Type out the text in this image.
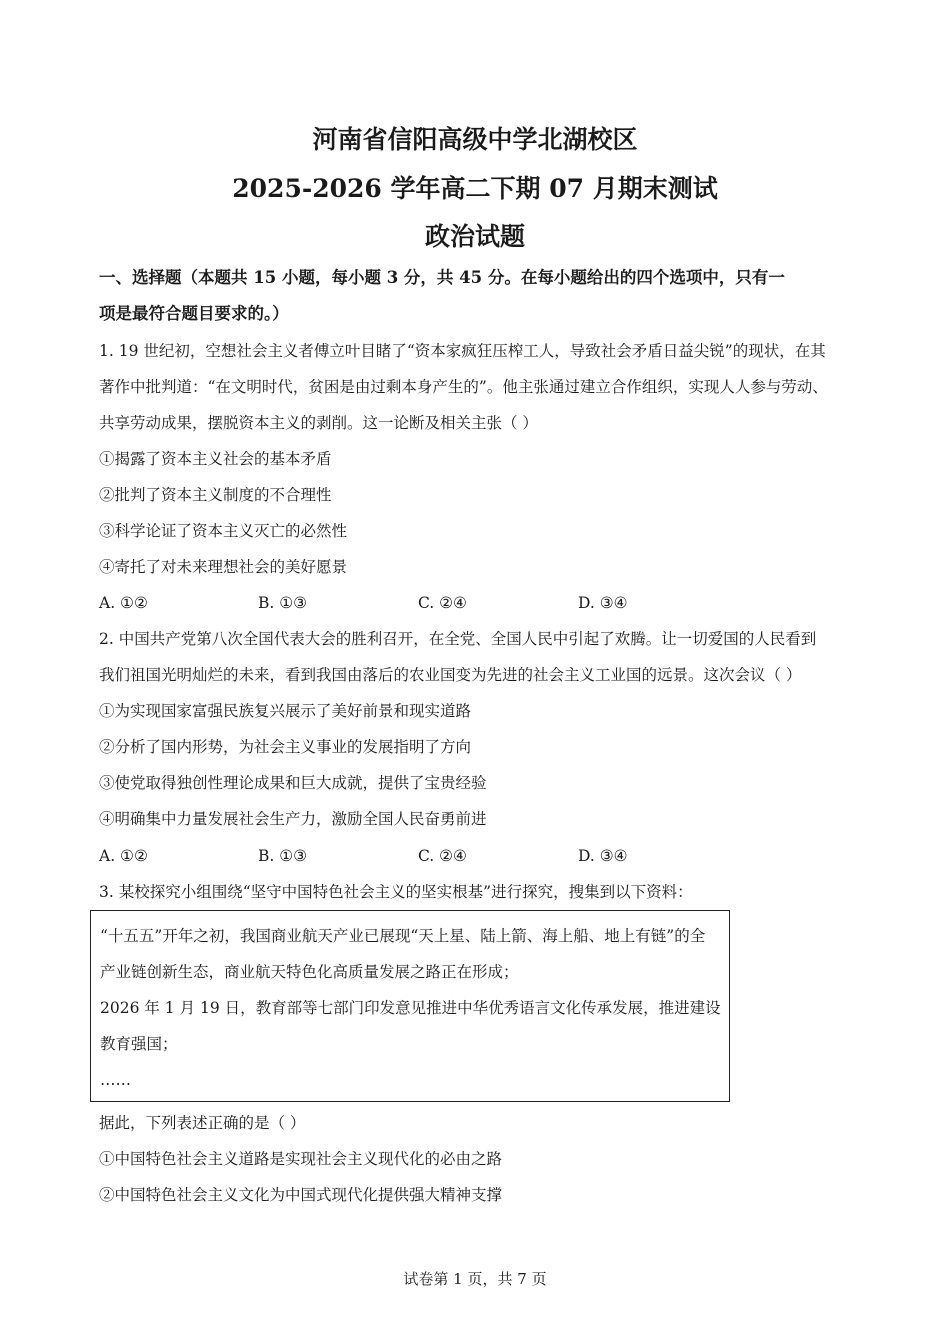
河南省信阳高级中学北湖校区
2025-2026 学年高二下期 07 月期末测试
政治试题
一、选择题（本题共 15 小题，每小题 3 分，共 45 分。在每小题给出的四个选项中，只有一
项是最符合题目要求的。）
1. 19 世纪初，空想社会主义者傅立叶目睹了“资本家疯狂压榨工人，导致社会矛盾日益尖锐”的现状，在其
著作中批判道：“在文明时代，贫困是由过剩本身产生的”。他主张通过建立合作组织，实现人人参与劳动、
共享劳动成果，摆脱资本主义的剥削。这一论断及相关主张（ ）
①揭露了资本主义社会的基本矛盾
②批判了资本主义制度的不合理性
③科学论证了资本主义灭亡的必然性
④寄托了对未来理想社会的美好愿景
A. ①②	B. ①③	C. ②④	D. ③④
2. 中国共产党第八次全国代表大会的胜利召开，在全党、全国人民中引起了欢腾。让一切爱国的人民看到
我们祖国光明灿烂的未来，看到我国由落后的农业国变为先进的社会主义工业国的远景。这次会议（ ）
①为实现国家富强民族复兴展示了美好前景和现实道路
②分析了国内形势，为社会主义事业的发展指明了方向
③使党取得独创性理论成果和巨大成就，提供了宝贵经验
④明确集中力量发展社会生产力，激励全国人民奋勇前进
A. ①②	B. ①③	C. ②④	D. ③④
3. 某校探究小组围绕“坚守中国特色社会主义的坚实根基”进行探究，搜集到以下资料：
“十五五”开年之初，我国商业航天产业已展现“天上星、陆上箭、海上船、地上有链”的全
产业链创新生态，商业航天特色化高质量发展之路正在形成；
2026 年 1 月 19 日，教育部等七部门印发意见推进中华优秀语言文化传承发展，推进建设
教育强国；
……
据此，下列表述正确的是（ ）
①中国特色社会主义道路是实现社会主义现代化的必由之路
②中国特色社会主义文化为中国式现代化提供强大精神支撑
试卷第 1 页，共 7 页
